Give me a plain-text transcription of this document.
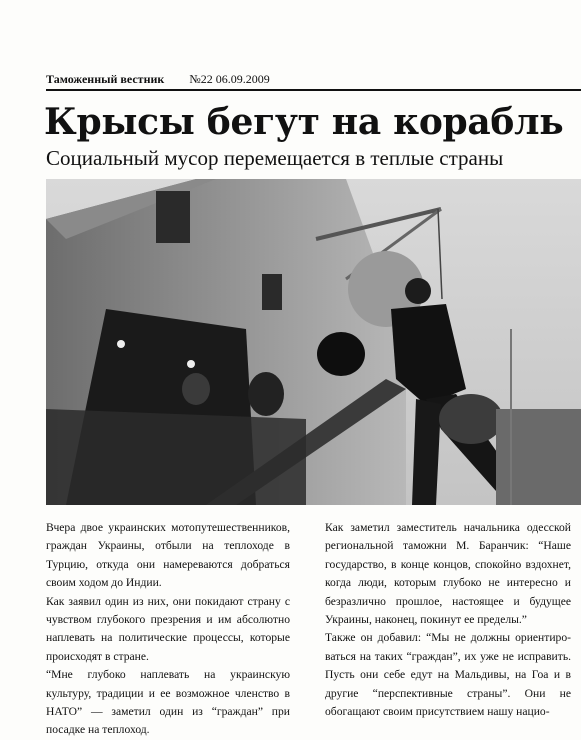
Таможенный вестник №22 06.09.2009
Крысы бегут на корабль
Социальный мусор перемещается в теплые страны

Вчера двое украинских мотопутешественников, граждан Украины, отбыли на теплоходе в Турцию, откуда они намереваются добраться своим ходом до Индии.

Как заявил один из них, они покидают страну с чувством глубокого презрения и им абсолютно наплевать на политические процессы, которые происходят в стране.

“Мне глубоко наплевать на украинскую культуру, традиции и ее возможное членство в НАТО” — заметил один из “граждан” при посадке на теплоход.

Как заметил заместитель начальника одесской региональной таможни М. Баранчик: “Наше государство, в конце концов, спокойно вздохнет, когда люди, которым глубоко не интересно и безразлично прошлое, настоящее и будущее Украины, наконец, покинут ее пределы.”

Также он добавил: “Мы не должны ориентироваться на таких “граждан”, их уже не исправить. Пусть они себе едут на Мальдивы, на Гоа и в другие “перспективные страны”. Они не обогащают своим присутствием нашу нацио-
